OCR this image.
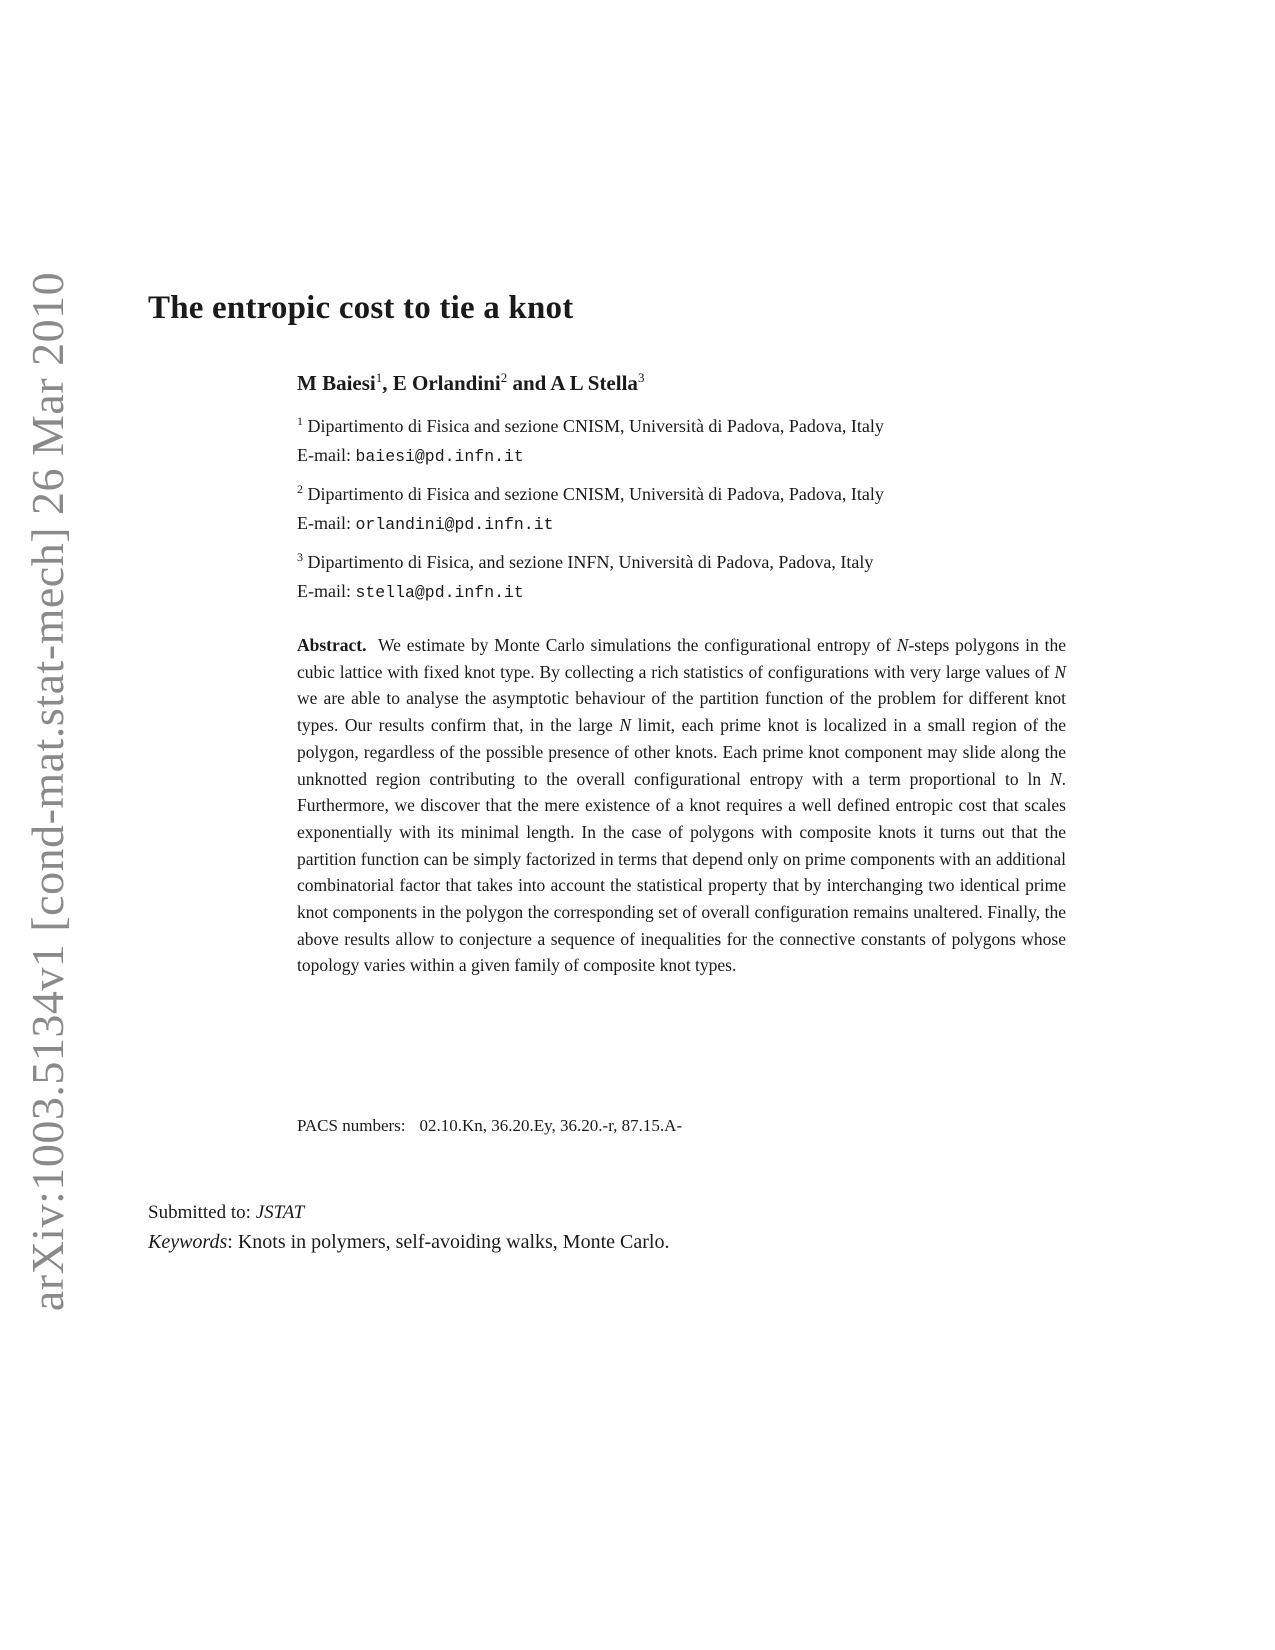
arXiv:1003.5134v1 [cond-mat.stat-mech] 26 Mar 2010 The entropic cost to tie a knot

M Baiesi$^1$, E Orlandini$^2$ and A L Stella$^3$

$^1$ Dipartimento di Fisica and sezione CNISM, Università di Padova, Padova, Italy
E-mail: baiesi@pd.infn.it
$^2$ Dipartimento di Fisica and sezione CNISM, Università di Padova, Padova, Italy
E-mail: orlandini@pd.infn.it
$^3$ Dipartimento di Fisica, and sezione INFN, Università di Padova, Padova, Italy
E-mail: stella@pd.infn.it

Abstract. We estimate by Monte Carlo simulations the configurational entropy of N-steps polygons in the cubic lattice with fixed knot type. By collecting a rich statistics of configurations with very large values of N we are able to analyse the asymptotic behaviour of the partition function of the problem for different knot types. Our results confirm that, in the large N limit, each prime knot is localized in a small region of the polygon, regardless of the possible presence of other knots. Each prime knot component may slide along the unknotted region contributing to the overall configurational entropy with a term proportional to ln N. Furthermore, we discover that the mere existence of a knot requires a well defined entropic cost that scales exponentially with its minimal length. In the case of polygons with composite knots it turns out that the partition function can be simply factorized in terms that depend only on prime components with an additional combinatorial factor that takes into account the statistical property that by interchanging two identical prime knot components in the polygon the corresponding set of overall configuration remains unaltered. Finally, the above results allow to conjecture a sequence of inequalities for the connective constants of polygons whose topology varies within a given family of composite knot types.

PACS numbers: 02.10.Kn, 36.20.Ey, 36.20.-r, 87.15.A-
Submitted to: JSTAT
Keywords: Knots in polymers, self-avoiding walks, Monte Carlo.
